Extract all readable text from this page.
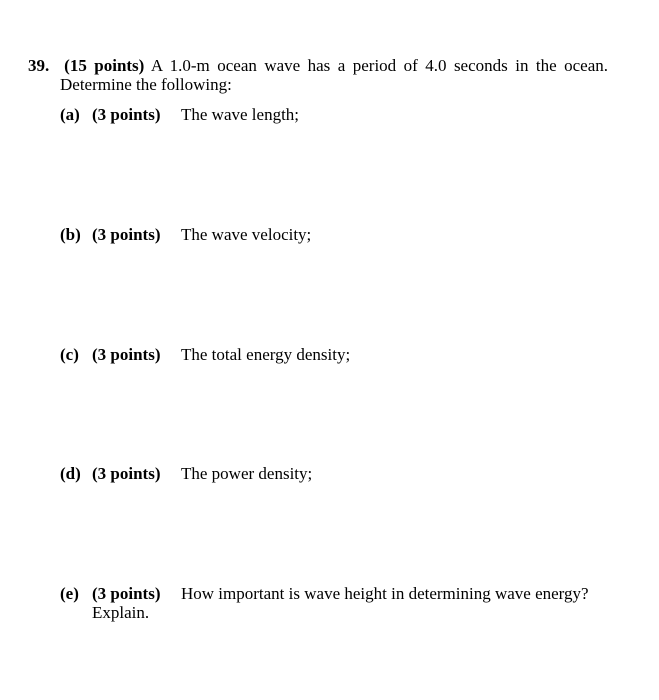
39. (15 points) A 1.0-m ocean wave has a period of 4.0 seconds in the ocean.
Determine the following:
(a) (3 points) The wave length;
(b) (3 points) The wave velocity;
(c) (3 points) The total energy density;
(d) (3 points) The power density;
(e) (3 points) How important is wave height in determining wave energy?
Explain.
